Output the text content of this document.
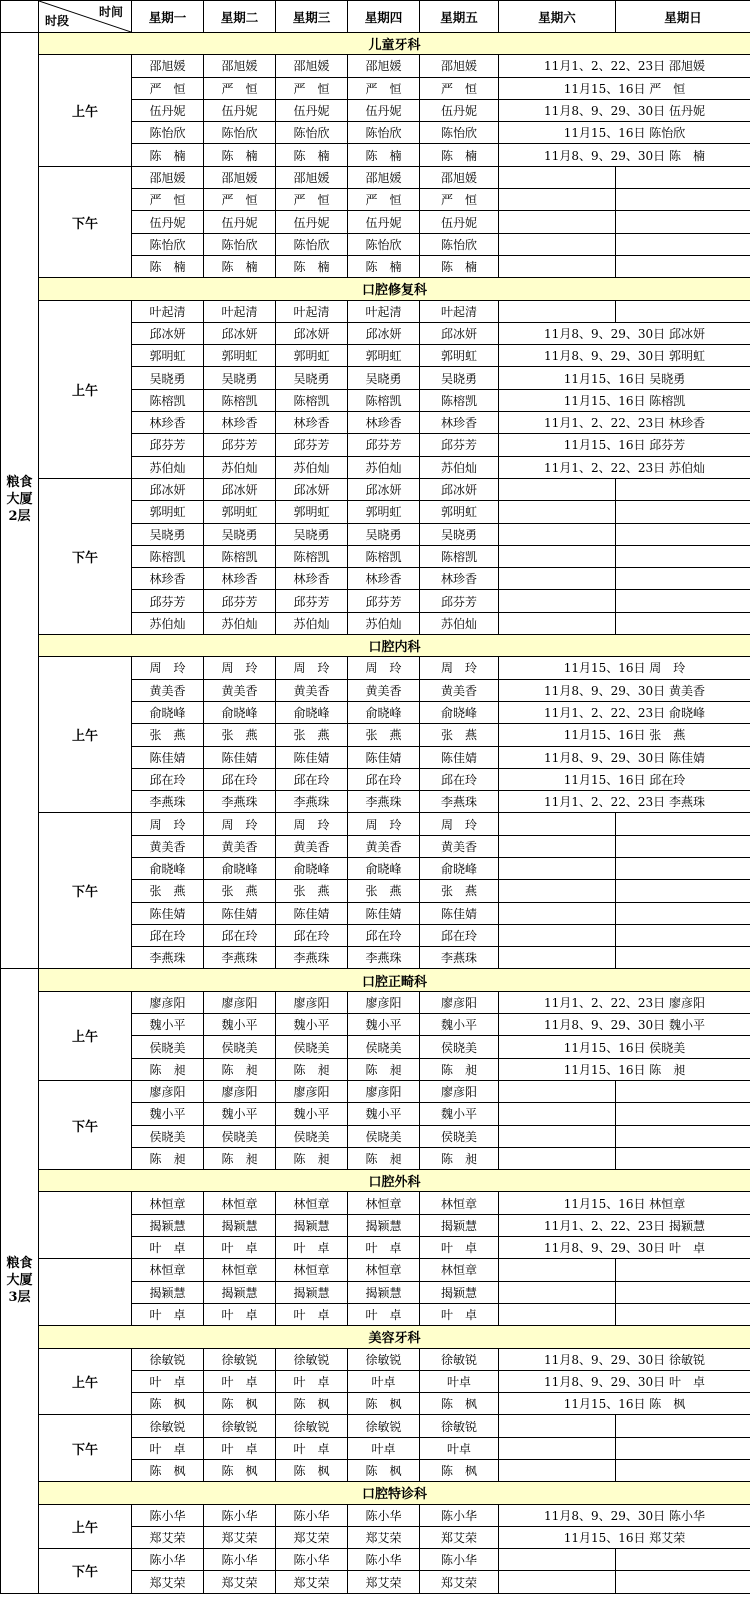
	时间
时段	星期一	星期二	星期三	星期四	星期五	星期六	星期日
粮食大厦2层	儿童牙科							
	上午	邵旭媛	邵旭媛	邵旭媛	邵旭媛	邵旭媛	11月1、2、22、23日 邵旭媛	
		严　恒	严　恒	严　恒	严　恒	严　恒	11月15、16日 严　恒	
		伍丹妮	伍丹妮	伍丹妮	伍丹妮	伍丹妮	11月8、9、29、30日 伍丹妮	
		陈怡欣	陈怡欣	陈怡欣	陈怡欣	陈怡欣	11月15、16日 陈怡欣	
		陈　楠	陈　楠	陈　楠	陈　楠	陈　楠	11月8、9、29、30日 陈　楠	
	下午	邵旭媛	邵旭媛	邵旭媛	邵旭媛	邵旭媛		
		严　恒	严　恒	严　恒	严　恒	严　恒		
		伍丹妮	伍丹妮	伍丹妮	伍丹妮	伍丹妮		
		陈怡欣	陈怡欣	陈怡欣	陈怡欣	陈怡欣		
		陈　楠	陈　楠	陈　楠	陈　楠	陈　楠		
	口腔修复科							
	上午	叶起清	叶起清	叶起清	叶起清	叶起清		
		邱冰妍	邱冰妍	邱冰妍	邱冰妍	邱冰妍	11月8、9、29、30日 邱冰妍	
		郭明虹	郭明虹	郭明虹	郭明虹	郭明虹	11月8、9、29、30日 郭明虹	
		吴晓勇	吴晓勇	吴晓勇	吴晓勇	吴晓勇	11月15、16日 吴晓勇	
		陈榕凯	陈榕凯	陈榕凯	陈榕凯	陈榕凯	11月15、16日 陈榕凯	
		林珍香	林珍香	林珍香	林珍香	林珍香	11月1、2、22、23日 林珍香	
		邱芬芳	邱芬芳	邱芬芳	邱芬芳	邱芬芳	11月15、16日 邱芬芳	
		苏伯灿	苏伯灿	苏伯灿	苏伯灿	苏伯灿	11月1、2、22、23日 苏伯灿	
	下午	邱冰妍	邱冰妍	邱冰妍	邱冰妍	邱冰妍		
		郭明虹	郭明虹	郭明虹	郭明虹	郭明虹		
		吴晓勇	吴晓勇	吴晓勇	吴晓勇	吴晓勇		
		陈榕凯	陈榕凯	陈榕凯	陈榕凯	陈榕凯		
		林珍香	林珍香	林珍香	林珍香	林珍香		
		邱芬芳	邱芬芳	邱芬芳	邱芬芳	邱芬芳		
		苏伯灿	苏伯灿	苏伯灿	苏伯灿	苏伯灿		
	口腔内科							
	上午	周　玲	周　玲	周　玲	周　玲	周　玲	11月15、16日 周　玲	
		黄美香	黄美香	黄美香	黄美香	黄美香	11月8、9、29、30日 黄美香	
		俞晓峰	俞晓峰	俞晓峰	俞晓峰	俞晓峰	11月1、2、22、23日 俞晓峰	
		张　燕	张　燕	张　燕	张　燕	张　燕	11月15、16日 张　燕	
		陈佳婧	陈佳婧	陈佳婧	陈佳婧	陈佳婧	11月8、9、29、30日 陈佳婧	
		邱在玲	邱在玲	邱在玲	邱在玲	邱在玲	11月15、16日 邱在玲	
		李燕珠	李燕珠	李燕珠	李燕珠	李燕珠	11月1、2、22、23日 李燕珠	
	下午	周　玲	周　玲	周　玲	周　玲	周　玲		
		黄美香	黄美香	黄美香	黄美香	黄美香		
		俞晓峰	俞晓峰	俞晓峰	俞晓峰	俞晓峰		
		张　燕	张　燕	张　燕	张　燕	张　燕		
		陈佳婧	陈佳婧	陈佳婧	陈佳婧	陈佳婧		
		邱在玲	邱在玲	邱在玲	邱在玲	邱在玲		
		李燕珠	李燕珠	李燕珠	李燕珠	李燕珠		
粮食大厦3层	口腔正畸科							
	上午	廖彦阳	廖彦阳	廖彦阳	廖彦阳	廖彦阳	11月1、2、22、23日 廖彦阳	
		魏小平	魏小平	魏小平	魏小平	魏小平	11月8、9、29、30日 魏小平	
		侯晓美	侯晓美	侯晓美	侯晓美	侯晓美	11月15、16日 侯晓美	
		陈　昶	陈　昶	陈　昶	陈　昶	陈　昶	11月15、16日 陈　昶	
	下午	廖彦阳	廖彦阳	廖彦阳	廖彦阳	廖彦阳		
		魏小平	魏小平	魏小平	魏小平	魏小平		
		侯晓美	侯晓美	侯晓美	侯晓美	侯晓美		
		陈　昶	陈　昶	陈　昶	陈　昶	陈　昶		
	口腔外科							
		林恒章	林恒章	林恒章	林恒章	林恒章	11月15、16日 林恒章	
		揭颖慧	揭颖慧	揭颖慧	揭颖慧	揭颖慧	11月1、2、22、23日 揭颖慧	
		叶　卓	叶　卓	叶　卓	叶　卓	叶　卓	11月8、9、29、30日 叶　卓	
		林恒章	林恒章	林恒章	林恒章	林恒章		
		揭颖慧	揭颖慧	揭颖慧	揭颖慧	揭颖慧		
		叶　卓	叶　卓	叶　卓	叶　卓	叶　卓		
	美容牙科							
	上午	徐敏锐	徐敏锐	徐敏锐	徐敏锐	徐敏锐	11月8、9、29、30日 徐敏锐	
		叶　卓	叶　卓	叶　卓	叶卓	叶卓	11月8、9、29、30日 叶　卓	
		陈　枫	陈　枫	陈　枫	陈　枫	陈　枫	11月15、16日 陈　枫	
	下午	徐敏锐	徐敏锐	徐敏锐	徐敏锐	徐敏锐		
		叶　卓	叶　卓	叶　卓	叶卓	叶卓		
		陈　枫	陈　枫	陈　枫	陈　枫	陈　枫		
	口腔特诊科							
	上午	陈小华	陈小华	陈小华	陈小华	陈小华	11月8、9、29、30日 陈小华	
		郑艾荣	郑艾荣	郑艾荣	郑艾荣	郑艾荣	11月15、16日 郑艾荣	
	下午	陈小华	陈小华	陈小华	陈小华	陈小华		
		郑艾荣	郑艾荣	郑艾荣	郑艾荣	郑艾荣		
